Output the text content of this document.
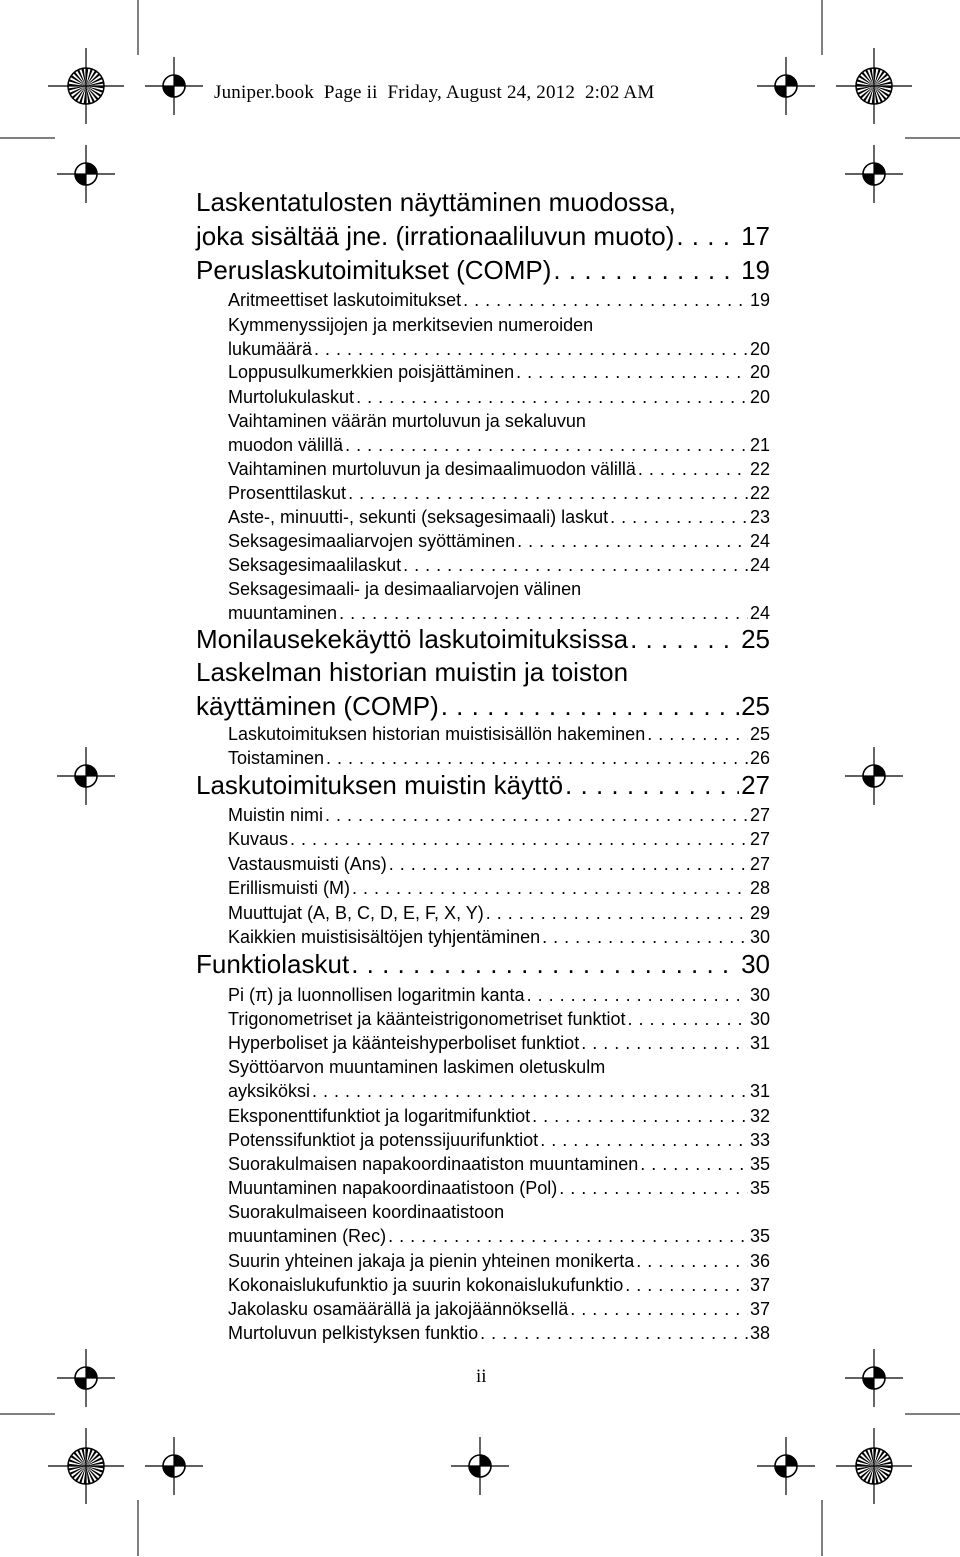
Juniper.book  Page ii  Friday, August 24, 2012  2:02 AM
Laskentatulosten näyttäminen muodossa,
joka sisältää jne. (irrationaaliluvun muoto) . . .	17
Peruslaskutoimitukset (COMP) . . .	19
Aritmeettiset laskutoimitukset . . .	19
Kymmenyssijojen ja merkitsevien numeroiden
lukumäärä . . .	20
Loppusulkumerkkien poisjättäminen . . .	20
Murtolukulaskut . . .	20
Vaihtaminen väärän murtoluvun ja sekaluvun
muodon välillä . . .	21
Vaihtaminen murtoluvun ja desimaalimuodon välillä . . .	22
Prosenttilaskut . . .	22
Aste-, minuutti-, sekunti (seksagesimaali) laskut . . .	23
Seksagesimaaliarvojen syöttäminen . . .	24
Seksagesimaalilaskut . . .	24
Seksagesimaali- ja desimaaliarvojen välinen
muuntaminen . . .	24
Monilausekekäyttö laskutoimituksissa . . .	25
Laskelman historian muistin ja toiston
käyttäminen (COMP) . . .	25
Laskutoimituksen historian muistisisällön hakeminen . . .	25
Toistaminen . . .	26
Laskutoimituksen muistin käyttö . . .	27
Muistin nimi . . .	27
Kuvaus . . .	27
Vastausmuisti (Ans) . . .	27
Erillismuisti (M) . . .	28
Muuttujat (A, B, C, D, E, F, X, Y) . . .	29
Kaikkien muistisisältöjen tyhjentäminen . . .	30
Funktiolaskut . . .	30
Pi (π) ja luonnollisen logaritmin kanta . . .	30
Trigonometriset ja käänteistrigonometriset funktiot . . .	30
Hyperboliset ja käänteishyperboliset funktiot . . .	31
Syöttöarvon muuntaminen laskimen oletuskulm
ayksiköksi . . .	31
Eksponenttifunktiot ja logaritmifunktiot . . .	32
Potenssifunktiot ja potenssijuurifunktiot . . .	33
Suorakulmaisen napakoordinaatiston muuntaminen . . .	35
Muuntaminen napakoordinaatistoon (Pol) . . .	35
Suorakulmaiseen koordinaatistoon
muuntaminen (Rec) . . .	35
Suurin yhteinen jakaja ja pienin yhteinen monikerta . . .	36
Kokonaislukufunktio ja suurin kokonaislukufunktio . . .	37
Jakolasku osamäärällä ja jakojäännöksellä . . .	37
Murtoluvun pelkistyksen funktio . . .	38
ii
